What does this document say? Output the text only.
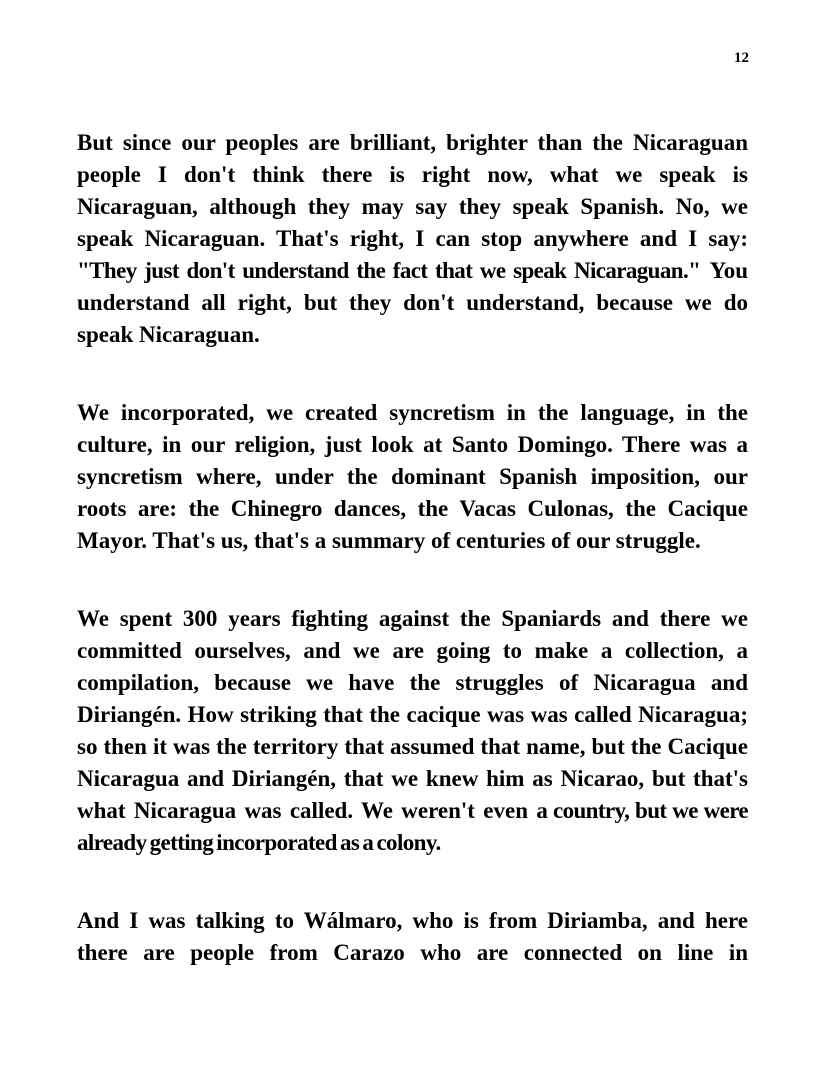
12

But since our peoples are brilliant, brighter than the Nicaraguan people I don't think there is right now, what we speak is Nicaraguan, although they may say they speak Spanish. No, we speak Nicaraguan. That's right, I can stop anywhere and I say: "They just don't understand the fact that we speak Nicaraguan." You understand all right, but they don't understand, because we do speak Nicaraguan.

We incorporated, we created syncretism in the language, in the culture, in our religion, just look at Santo Domingo. There was a syncretism where, under the dominant Spanish imposition, our roots are: the Chinegro dances, the Vacas Culonas, the Cacique Mayor. That's us, that's a summary of centuries of our struggle.

We spent 300 years fighting against the Spaniards and there we committed ourselves, and we are going to make a collection, a compilation, because we have the struggles of Nicaragua and Diriangén. How striking that the cacique was was called Nicaragua; so then it was the territory that assumed that name, but the Cacique Nicaragua and Diriangén, that we knew him as Nicarao, but that's what Nicaragua was called. We weren't even a country, but we were already getting incorporated as a colony.

And I was talking to Wálmaro, who is from Diriamba, and here there are people from Carazo who are connected on line in
